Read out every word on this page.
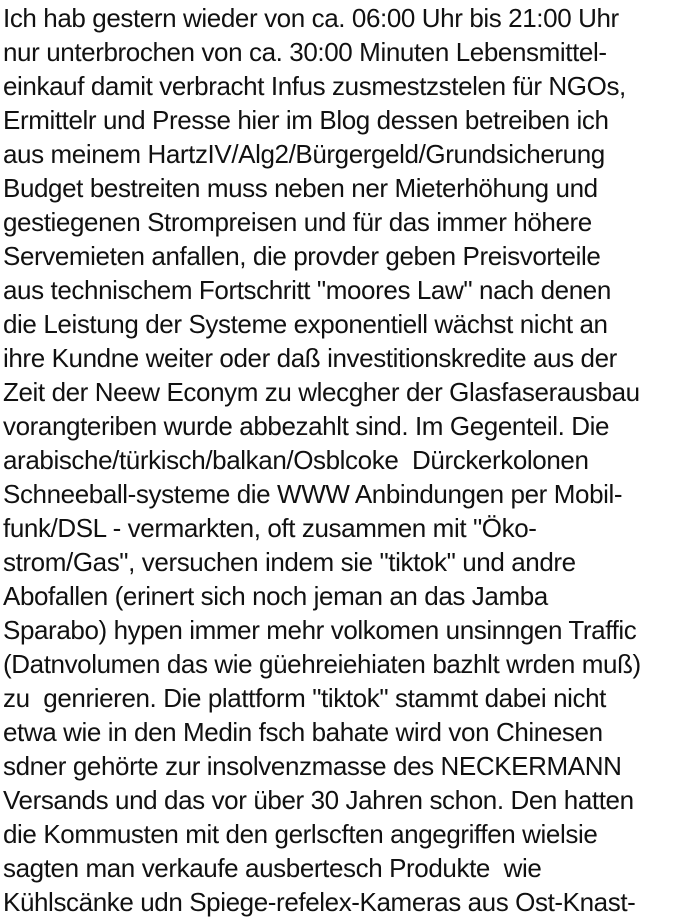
Ich hab gestern wieder von ca. 06:00 Uhr bis 21:00 Uhr
nur unterbrochen von ca. 30:00 Minuten Lebensmittel-
einkauf damit verbracht Infus zusmestzstelen für NGOs,
Ermittelr und Presse hier im Blog dessen betreiben ich
aus meinem HartzIV/Alg2/Bürgergeld/Grundsicherung
Budget bestreiten muss neben ner Mieterhöhung und
gestiegenen Strompreisen und für das immer höhere
Servemieten anfallen, die provder geben Preisvorteile
aus technischem Fortschritt "moores Law" nach denen
die Leistung der Systeme exponentiell wächst nicht an
ihre Kundne weiter oder daß investitionskredite aus der
Zeit der Neew Econym zu wlecgher der Glasfaserausbau
vorangteriben wurde abbezahlt sind. Im Gegenteil. Die
arabische/türkisch/balkan/Osblcoke  Dürckerkolonen
Schneeball-systeme die WWW Anbindungen per Mobil-
funk/DSL - vermarkten, oft zusammen mit "Öko-
strom/Gas", versuchen indem sie "tiktok" und andre
Abofallen (erinert sich noch jeman an das Jamba
Sparabo) hypen immer mehr volkomen unsinngen Traffic
(Datnvolumen das wie güehreiehiaten bazhlt wrden muß)
zu  genrieren. Die plattform "tiktok" stammt dabei nicht
etwa wie in den Medin fsch bahate wird von Chinesen
sdner gehörte zur insolvenzmasse des NECKERMANN
Versands und das vor über 30 Jahren schon. Den hatten
die Kommusten mit den gerlscften angegriffen wielsie
sagten man verkaufe ausbertesch Produkte  wie
Kühlscänke udn Spiege-refelex-Kameras aus Ost-Knast-
